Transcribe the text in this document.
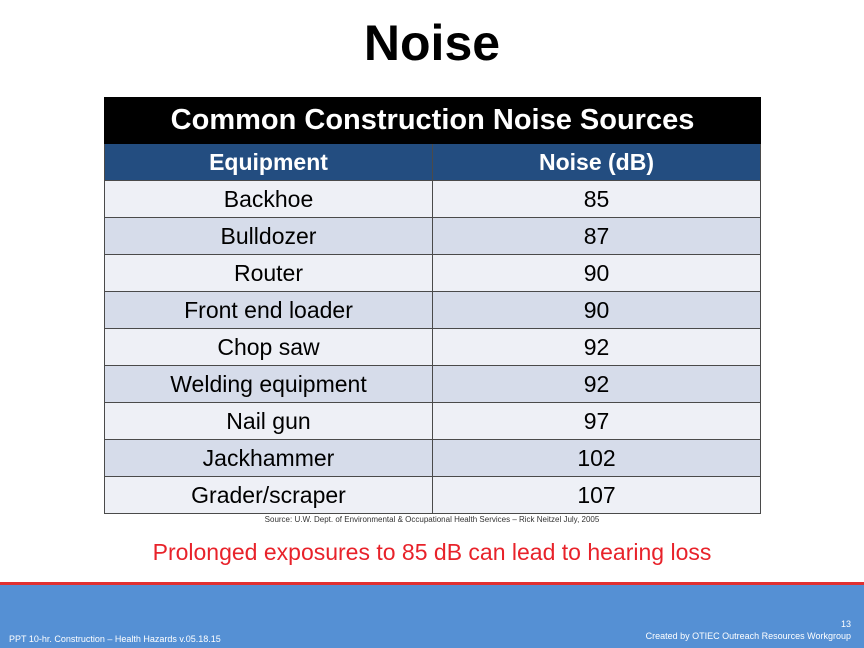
Noise
Common Construction Noise Sources	
Equipment	Noise (dB)
Backhoe	85
Bulldozer	87
Router	90
Front end loader	90
Chop saw	92
Welding equipment	92
Nail gun	97
Jackhammer	102
Grader/scraper	107
Source: U.W. Dept. of Environmental & Occupational Health Services – Rick Neitzel July, 2005
Prolonged exposures to 85 dB can lead to hearing loss
13
PPT 10-hr. Construction – Health Hazards v.05.18.15	Created by OTIEC Outreach Resources Workgroup
